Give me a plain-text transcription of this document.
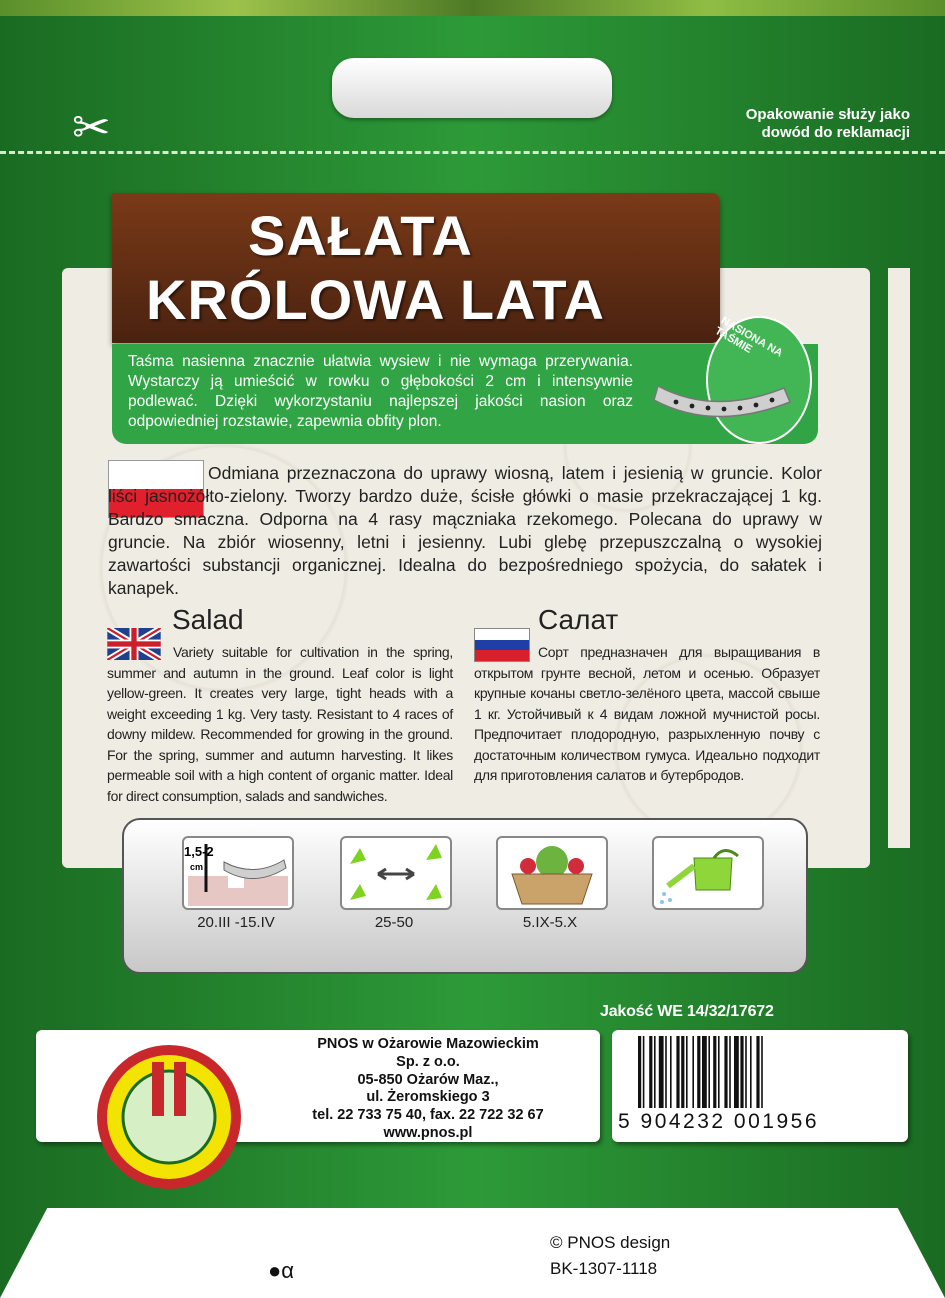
✂	Opakowanie służy jako
dowód do reklamacji
SAŁATA
KRÓLOWA LATA
Taśma nasienna znacznie ułatwia wysiew i nie wymaga przerywania. Wystarczy ją umieścić w rowku o głębokości 2 cm i intensywnie podlewać. Dzięki wykorzystaniu najlepszej jakości nasion oraz odpowiedniej rozstawie, zapewnia obfity plon.
NASIONA NA TAŚMIE
Odmiana przeznaczona do uprawy wiosną, latem i jesienią w gruncie. Kolor liści jasnożółto-zielony. Tworzy bardzo duże, ścisłe główki o masie przekraczającej 1 kg. Bardzo smaczna. Odporna na 4 rasy mączniaka rzekomego. Polecana do uprawy w gruncie. Na zbiór wiosenny, letni i jesienny. Lubi glebę przepuszczalną o wysokiej zawartości substancji organicznej. Idealna do bezpośredniego spożycia, do sałatek i kanapek.
Salad
Variety suitable for cultivation in the spring, summer and autumn in the ground. Leaf color is light yellow-green. It creates very large, tight heads with a weight exceeding 1 kg. Very tasty. Resistant to 4 races of downy mildew. Recommended for growing in the ground. For the spring, summer and autumn harvesting. It likes permeable soil with a high content of organic matter. Ideal for direct consumption, salads and sandwiches.
Салат
Сорт предназначен для выращивания в открытом грунте весной, летом и осенью. Образует крупные кочаны светло-зелёного цвета, массой свыше 1 кг. Устойчивый к 4 видам ложной мучнистой росы. Предпочитает плодородную, разрыхленную почву с достаточным количеством гумуса. Идеально подходит для приготовления салатов и бутербродов.
1,5-2
cm
20.III -15.IV	25-50	5.IX-5.X
Jakość WE 14/32/17672
PNOS w Ożarowie Mazowieckim
Sp. z o.o.
05-850 Ożarów Maz.,
ul. Żeromskiego 3
tel. 22 733 75 40, fax. 22 722 32 67
www.pnos.pl	5 904232 001956
© PNOS design
BK-1307-1118
●α
